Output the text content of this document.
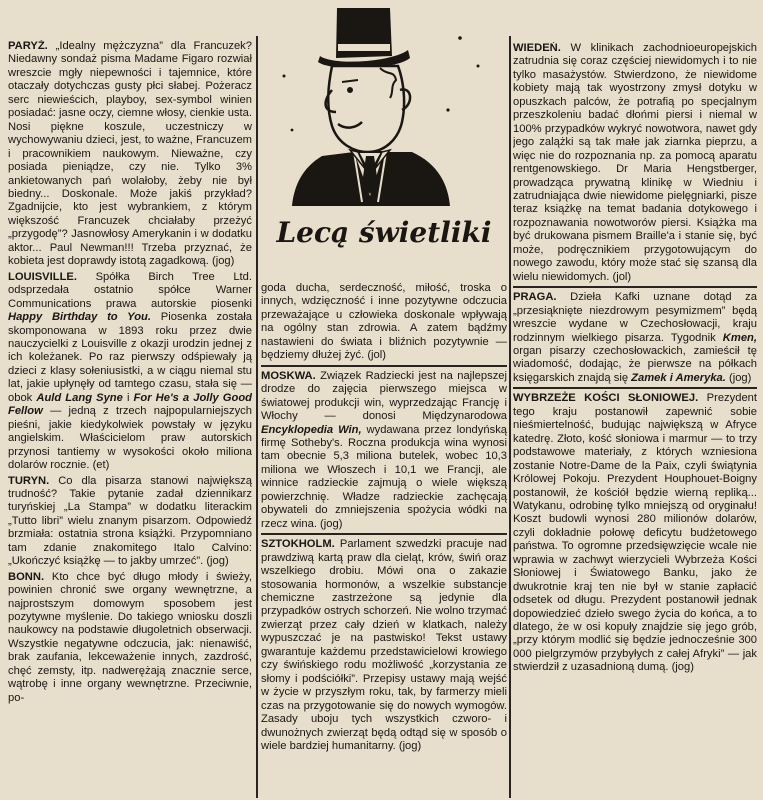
Lecą świetliki

PARYŻ. „Idealny mężczyzna” dla Francuzek? Niedawny sondaż pisma Madame Figaro rozwiał wreszcie mgły niepewności i tajemnice, które otaczały dotychczas gusty płci słabej. Pożeracz serc niewieścich, playboy, sex-symbol winien posiadać: jasne oczy, ciemne włosy, cienkie usta. Nosi piękne koszule, uczestniczy w wychowywaniu dzieci, jest, to ważne, Francuzem i pracownikiem naukowym. Nieważne, czy posiada pieniądze, czy nie. Tylko 3% ankietowanych pań wolałoby, żeby nie był biedny... Doskonale. Może jakiś przykład? Zgadnijcie, kto jest wybrankiem, z którym większość Francuzek chciałaby przeżyć „przygodę”? Jasnowłosy Amerykanin i w dodatku aktor... Paul Newman!!! Trzeba przyznać, że kobieta jest doprawdy istotą zagadkową. (jog)

LOUISVILLE. Spółka Birch Tree Ltd. odsprzedała ostatnio spółce Warner Communications prawa autorskie piosenki Happy Birthday to You. Piosenka została skomponowana w 1893 roku przez dwie nauczycielki z Louisville z okazji urodzin jednej z ich koleżanek. Po raz pierwszy odśpiewały ją dzieci z klasy sołeniusistki, a w ciągu niemal stu lat, jakie upłynęły od tamtego czasu, stała się — obok Auld Lang Syne i For He's a Jolly Good Fellow — jedną z trzech najpopularniejszych pieśni, jakie kiedykolwiek powstały w języku angielskim. Właścicielom praw autorskich przynosi tantiemy w wysokości około miliona dolarów rocznie. (et)

TURYN. Co dla pisarza stanowi największą trudność? Takie pytanie zadał dziennikarz turyńskiej „La Stampa” w dodatku literackim „Tutto libri” wielu znanym pisarzom. Odpowiedź brzmiała: ostatnia strona książki. Przypomniano tam zdanie znakomitego Italo Calvino: „Ukończyć książkę — to jakby umrzeć”. (jog)

BONN. Kto chce być długo młody i świeży, powinien chronić swe organy wewnętrzne, a najprostszym domowym sposobem jest pozytywne myślenie. Do takiego wniosku doszli naukowcy na podstawie długoletnich obserwacji. Wszystkie negatywne odczucia, jak: nienawiść, brak zaufania, lekceważenie innych, zazdrość, chęć zemsty, itp. nadwerężają znacznie serce, wątrobę i inne organy wewnętrzne. Przeciwnie, po-

goda ducha, serdeczność, miłość, troska o innych, wdzięczność i inne pozytywne odczucia przeważające u człowieka doskonale wpływają na ogólny stan zdrowia. A zatem bądźmy nastawieni do świata i bliźnich pozytywnie — będziemy dłużej żyć. (jol)

MOSKWA. Związek Radziecki jest na najlepszej drodze do zajęcia pierwszego miejsca w światowej produkcji win, wyprzedzając Francję i Włochy — donosi Międzynarodowa Encyklopedia Win, wydawana przez londyńską firmę Sotheby's. Roczna produkcja wina wynosi tam obecnie 5,3 miliona butelek, wobec 10,3 miliona we Włoszech i 10,1 we Francji, ale winnice radzieckie zajmują o wiele większą powierzchnię. Władze radzieckie zachęcają obywateli do zmniejszenia spożycia wódki na rzecz wina. (jog)

SZTOKHOLM. Parlament szwedzki pracuje nad prawdziwą kartą praw dla cieląt, krów, świń oraz wszelkiego drobiu. Mówi ona o zakazie stosowania hormonów, a wszelkie substancje chemiczne zastrzeżone są jedynie dla przypadków ostrych schorzeń. Nie wolno trzymać zwierząt przez cały dzień w klatkach, należy wypuszczać je na pastwisko! Tekst ustawy gwarantuje każdemu przedstawicielowi krowiego czy świńskiego rodu możliwość „korzystania ze słomy i podściółki”. Przepisy ustawy mają wejść w życie w przyszłym roku, tak, by farmerzy mieli czas na przygotowanie się do nowych wymogów. Zasady uboju tych wszystkich czworo- i dwunożnych zwierząt będą odtąd się w sposób o wiele bardziej humanitarny. (jog)

WIEDEŃ. W klinikach zachodnioeuropejskich zatrudnia się coraz częściej niewidomych i to nie tylko masażystów. Stwierdzono, że niewidome kobiety mają tak wyostrzony zmysł dotyku w opuszkach palców, że potrafią po specjalnym przeszkoleniu badać dłońmi piersi i niemal w 100% przypadków wykryć nowotwora, nawet gdy jego zalążki są tak małe jak ziarnka pieprzu, a więc nie do rozpoznania np. za pomocą aparatu rentgenowskiego. Dr Maria Hengstberger, prowadząca prywatną klinikę w Wiedniu i zatrudniająca dwie niewidome pielęgniarki, pisze teraz książkę na temat badania dotykowego i rozpoznawania nowotworów piersi. Książka ma być drukowana pismem Braille'a i stanie się, być może, podręcznikiem przygotowującym do nowego zawodu, który może stać się szansą dla wielu niewidomych. (jol)

PRAGA. Dzieła Kafki uznane dotąd za „przesiąknięte niezdrowym pesymizmem” będą wreszcie wydane w Czechosłowacji, kraju rodzinnym wielkiego pisarza. Tygodnik Kmen, organ pisarzy czechosłowackich, zamieścił tę wiadomość, dodając, że pierwsze na półkach księgarskich znajdą się Zamek i Ameryka. (jog)

WYBRZEŻE KOŚCI SŁONIOWEJ. Prezydent tego kraju postanowił zapewnić sobie nieśmiertelność, budując największą w Afryce katedrę. Złoto, kość słoniowa i marmur — to trzy podstawowe materiały, z których wzniesiona zostanie Notre-Dame de la Paix, czyli świątynia Królowej Pokoju. Prezydent Houphouet-Boigny postanowił, że kościół będzie wierną repliką... Watykanu, odrobinę tylko mniejszą od oryginału! Koszt budowli wynosi 280 milionów dolarów, czyli dokładnie połowę deficytu budżetowego państwa. To ogromne przedsięwzięcie wcale nie wprawia w zachwyt wierzycieli Wybrzeża Kości Słoniowej i Światowego Banku, jako że dwukrotnie kraj ten nie był w stanie zapłacić odsetek od długu. Prezydent postanowił jednak dopowiedzieć dzieło swego życia do końca, a to dlatego, że w osi kopuły znajdzie się jego grób, „przy którym modlić się będzie jednocześnie 300 000 pielgrzymów przybyłych z całej Afryki” — jak stwierdził z uzasadnioną dumą. (jog)
